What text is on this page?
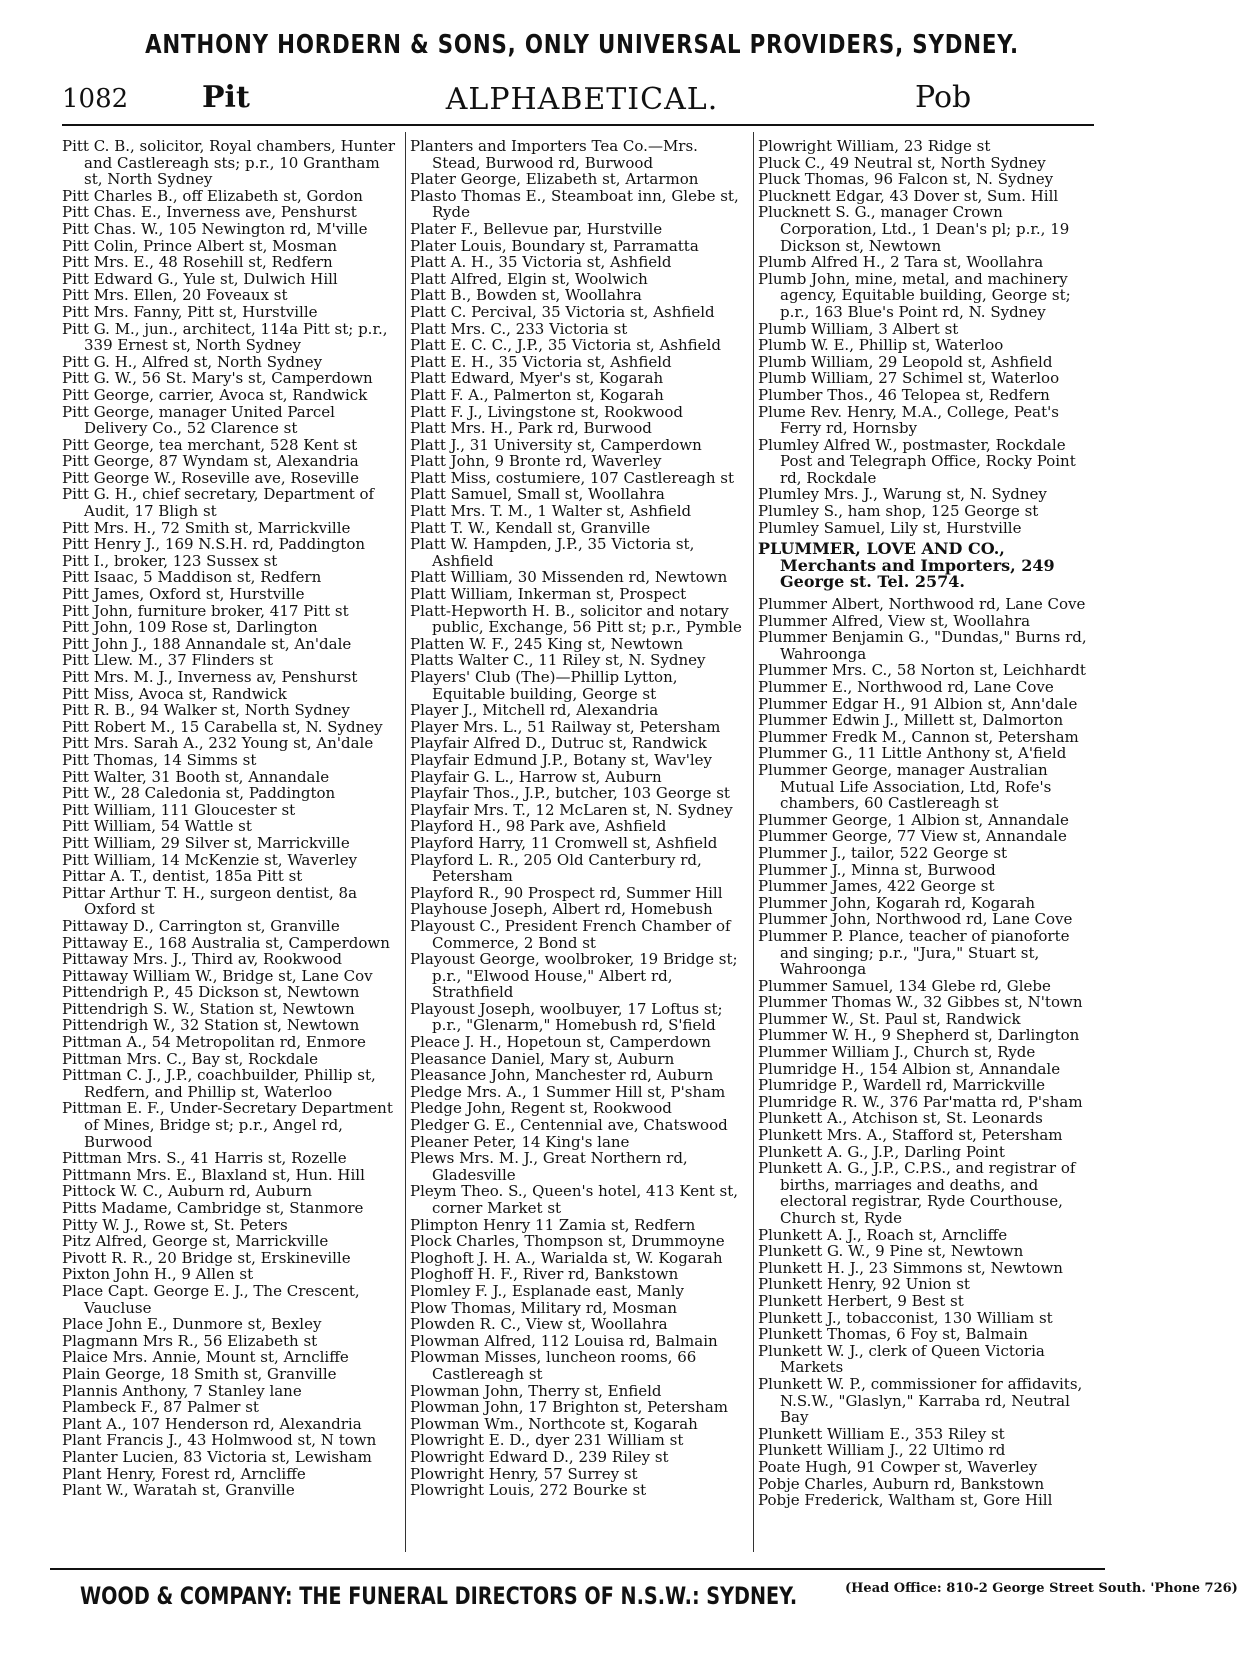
ANTHONY HORDERN & SONS, ONLY UNIVERSAL PROVIDERS, SYDNEY.
1082 Pit	ALPHABETICAL.	Pob
Pitt C. B., solicitor, Royal chambers, Hunter and Castlereagh sts; p.r., 10 Grantham st, North Sydney
Pitt Charles B., off Elizabeth st, Gordon
Pitt Chas. E., Inverness ave, Penshurst
Pitt Chas. W., 105 Newington rd, M'ville
Pitt Colin, Prince Albert st, Mosman
Pitt Mrs. E., 48 Rosehill st, Redfern
Pitt Edward G., Yule st, Dulwich Hill
Pitt Mrs. Ellen, 20 Foveaux st
Pitt Mrs. Fanny, Pitt st, Hurstville
Pitt G. M., jun., architect, 114a Pitt st; p.r., 339 Ernest st, North Sydney
Pitt G. H., Alfred st, North Sydney
Pitt G. W., 56 St. Mary's st, Camperdown
Pitt George, carrier, Avoca st, Randwick
Pitt George, manager United Parcel Delivery Co., 52 Clarence st
Pitt George, tea merchant, 528 Kent st
Pitt George, 87 Wyndam st, Alexandria
Pitt George W., Roseville ave, Roseville
Pitt G. H., chief secretary, Department of Audit, 17 Bligh st
Pitt Mrs. H., 72 Smith st, Marrickville
Pitt Henry J., 169 N.S.H. rd, Paddington
Pitt I., broker, 123 Sussex st
Pitt Isaac, 5 Maddison st, Redfern
Pitt James, Oxford st, Hurstville
Pitt John, furniture broker, 417 Pitt st
Pitt John, 109 Rose st, Darlington
Pitt John J., 188 Annandale st, An'dale
Pitt Llew. M., 37 Flinders st
Pitt Mrs. M. J., Inverness av, Penshurst
Pitt Miss, Avoca st, Randwick
Pitt R. B., 94 Walker st, North Sydney
Pitt Robert M., 15 Carabella st, N. Sydney
Pitt Mrs. Sarah A., 232 Young st, An'dale
Pitt Thomas, 14 Simms st
Pitt Walter, 31 Booth st, Annandale
Pitt W., 28 Caledonia st, Paddington
Pitt William, 111 Gloucester st
Pitt William, 54 Wattle st
Pitt William, 29 Silver st, Marrickville
Pitt William, 14 McKenzie st, Waverley
Pittar A. T., dentist, 185a Pitt st
Pittar Arthur T. H., surgeon dentist, 8a Oxford st
Pittaway D., Carrington st, Granville
Pittaway E., 168 Australia st, Camperdown
Pittaway Mrs. J., Third av, Rookwood
Pittaway William W., Bridge st, Lane Cov
Pittendrigh P., 45 Dickson st, Newtown
Pittendrigh S. W., Station st, Newtown
Pittendrigh W., 32 Station st, Newtown
Pittman A., 54 Metropolitan rd, Enmore
Pittman Mrs. C., Bay st, Rockdale
Pittman C. J., J.P., coachbuilder, Phillip st, Redfern, and Phillip st, Waterloo
Pittman E. F., Under-Secretary Department of Mines, Bridge st; p.r., Angel rd, Burwood
Pittman Mrs. S., 41 Harris st, Rozelle
Pittmann Mrs. E., Blaxland st, Hun. Hill
Pittock W. C., Auburn rd, Auburn
Pitts Madame, Cambridge st, Stanmore
Pitty W. J., Rowe st, St. Peters
Pitz Alfred, George st, Marrickville
Pivott R. R., 20 Bridge st, Erskineville
Pixton John H., 9 Allen st
Place Capt. George E. J., The Crescent, Vaucluse
Place John E., Dunmore st, Bexley
Plagmann Mrs R., 56 Elizabeth st
Plaice Mrs. Annie, Mount st, Arncliffe
Plain George, 18 Smith st, Granville
Plannis Anthony, 7 Stanley lane
Plambeck F., 87 Palmer st
Plant A., 107 Henderson rd, Alexandria
Plant Francis J., 43 Holmwood st, N town
Planter Lucien, 83 Victoria st, Lewisham
Plant Henry, Forest rd, Arncliffe
Plant W., Waratah st, Granville
Planters and Importers Tea Co.—Mrs. Stead, Burwood rd, Burwood
Plater George, Elizabeth st, Artarmon
Plasto Thomas E., Steamboat inn, Glebe st, Ryde
Plater F., Bellevue par, Hurstville
Plater Louis, Boundary st, Parramatta
Platt A. H., 35 Victoria st, Ashfield
Platt Alfred, Elgin st, Woolwich
Platt B., Bowden st, Woollahra
Platt C. Percival, 35 Victoria st, Ashfield
Platt Mrs. C., 233 Victoria st
Platt E. C. C., J.P., 35 Victoria st, Ashfield
Platt E. H., 35 Victoria st, Ashfield
Platt Edward, Myer's st, Kogarah
Platt F. A., Palmerton st, Kogarah
Platt F. J., Livingstone st, Rookwood
Platt Mrs. H., Park rd, Burwood
Platt J., 31 University st, Camperdown
Platt John, 9 Bronte rd, Waverley
Platt Miss, costumiere, 107 Castlereagh st
Platt Samuel, Small st, Woollahra
Platt Mrs. T. M., 1 Walter st, Ashfield
Platt T. W., Kendall st, Granville
Platt W. Hampden, J.P., 35 Victoria st, Ashfield
Platt William, 30 Missenden rd, Newtown
Platt William, Inkerman st, Prospect
Platt-Hepworth H. B., solicitor and notary public, Exchange, 56 Pitt st; p.r., Pymble
Platten W. F., 245 King st, Newtown
Platts Walter C., 11 Riley st, N. Sydney
Players' Club (The)—Phillip Lytton, Equitable building, George st
Player J., Mitchell rd, Alexandria
Player Mrs. L., 51 Railway st, Petersham
Playfair Alfred D., Dutruc st, Randwick
Playfair Edmund J.P., Botany st, Wav'ley
Playfair G. L., Harrow st, Auburn
Playfair Thos., J.P., butcher, 103 George st
Playfair Mrs. T., 12 McLaren st, N. Sydney
Playford H., 98 Park ave, Ashfield
Playford Harry, 11 Cromwell st, Ashfield
Playford L. R., 205 Old Canterbury rd, Petersham
Playford R., 90 Prospect rd, Summer Hill
Playhouse Joseph, Albert rd, Homebush
Playoust C., President French Chamber of Commerce, 2 Bond st
Playoust George, woolbroker, 19 Bridge st; p.r., "Elwood House," Albert rd, Strathfield
Playoust Joseph, woolbuyer, 17 Loftus st; p.r., "Glenarm," Homebush rd, S'field
Pleace J. H., Hopetoun st, Camperdown
Pleasance Daniel, Mary st, Auburn
Pleasance John, Manchester rd, Auburn
Pledge Mrs. A., 1 Summer Hill st, P'sham
Pledge John, Regent st, Rookwood
Pledger G. E., Centennial ave, Chatswood
Pleaner Peter, 14 King's lane
Plews Mrs. M. J., Great Northern rd, Gladesville
Pleym Theo. S., Queen's hotel, 413 Kent st, corner Market st
Plimpton Henry 11 Zamia st, Redfern
Plock Charles, Thompson st, Drummoyne
Ploghoft J. H. A., Warialda st, W. Kogarah
Ploghoff H. F., River rd, Bankstown
Plomley F. J., Esplanade east, Manly
Plow Thomas, Military rd, Mosman
Plowden R. C., View st, Woollahra
Plowman Alfred, 112 Louisa rd, Balmain
Plowman Misses, luncheon rooms, 66 Castlereagh st
Plowman John, Therry st, Enfield
Plowman John, 17 Brighton st, Petersham
Plowman Wm., Northcote st, Kogarah
Plowright E. D., dyer 231 William st
Plowright Edward D., 239 Riley st
Plowright Henry, 57 Surrey st
Plowright Louis, 272 Bourke st
Plowright William, 23 Ridge st
Pluck C., 49 Neutral st, North Sydney
Pluck Thomas, 96 Falcon st, N. Sydney
Plucknett Edgar, 43 Dover st, Sum. Hill
Plucknett S. G., manager Crown Corporation, Ltd., 1 Dean's pl; p.r., 19 Dickson st, Newtown
Plumb Alfred H., 2 Tara st, Woollahra
Plumb John, mine, metal, and machinery agency, Equitable building, George st; p.r., 163 Blue's Point rd, N. Sydney
Plumb William, 3 Albert st
Plumb W. E., Phillip st, Waterloo
Plumb William, 29 Leopold st, Ashfield
Plumb William, 27 Schimel st, Waterloo
Plumber Thos., 46 Telopea st, Redfern
Plume Rev. Henry, M.A., College, Peat's Ferry rd, Hornsby
Plumley Alfred W., postmaster, Rockdale Post and Telegraph Office, Rocky Point rd, Rockdale
Plumley Mrs. J., Warung st, N. Sydney
Plumley S., ham shop, 125 George st
Plumley Samuel, Lily st, Hurstville
PLUMMER, LOVE AND CO., Merchants and Importers, 249 George st. Tel. 2574.
Plummer Albert, Northwood rd, Lane Cove
Plummer Alfred, View st, Woollahra
Plummer Benjamin G., "Dundas," Burns rd, Wahroonga
Plummer Mrs. C., 58 Norton st, Leichhardt
Plummer E., Northwood rd, Lane Cove
Plummer Edgar H., 91 Albion st, Ann'dale
Plummer Edwin J., Millett st, Dalmorton
Plummer Fredk M., Cannon st, Petersham
Plummer G., 11 Little Anthony st, A'field
Plummer George, manager Australian Mutual Life Association, Ltd, Rofe's chambers, 60 Castlereagh st
Plummer George, 1 Albion st, Annandale
Plummer George, 77 View st, Annandale
Plummer J., tailor, 522 George st
Plummer J., Minna st, Burwood
Plummer James, 422 George st
Plummer John, Kogarah rd, Kogarah
Plummer John, Northwood rd, Lane Cove
Plummer P. Plance, teacher of pianoforte and singing; p.r., "Jura," Stuart st, Wahroonga
Plummer Samuel, 134 Glebe rd, Glebe
Plummer Thomas W., 32 Gibbes st, N'town
Plummer W., St. Paul st, Randwick
Plummer W. H., 9 Shepherd st, Darlington
Plummer William J., Church st, Ryde
Plumridge H., 154 Albion st, Annandale
Plumridge P., Wardell rd, Marrickville
Plumridge R. W., 376 Par'matta rd, P'sham
Plunkett A., Atchison st, St. Leonards
Plunkett Mrs. A., Stafford st, Petersham
Plunkett A. G., J.P., Darling Point
Plunkett A. G., J.P., C.P.S., and registrar of births, marriages and deaths, and electoral registrar, Ryde Courthouse, Church st, Ryde
Plunkett A. J., Roach st, Arncliffe
Plunkett G. W., 9 Pine st, Newtown
Plunkett H. J., 23 Simmons st, Newtown
Plunkett Henry, 92 Union st
Plunkett Herbert, 9 Best st
Plunkett J., tobacconist, 130 William st
Plunkett Thomas, 6 Foy st, Balmain
Plunkett W. J., clerk of Queen Victoria Markets
Plunkett W. P., commissioner for affidavits, N.S.W., "Glaslyn," Karraba rd, Neutral Bay
Plunkett William E., 353 Riley st
Plunkett William J., 22 Ultimo rd
Poate Hugh, 91 Cowper st, Waverley
Pobje Charles, Auburn rd, Bankstown
Pobje Frederick, Waltham st, Gore Hill
WOOD & COMPANY: THE FUNERAL DIRECTORS OF N.S.W.: SYDNEY.	(Head Office: 810-2 George Street South. 'Phone 726)
